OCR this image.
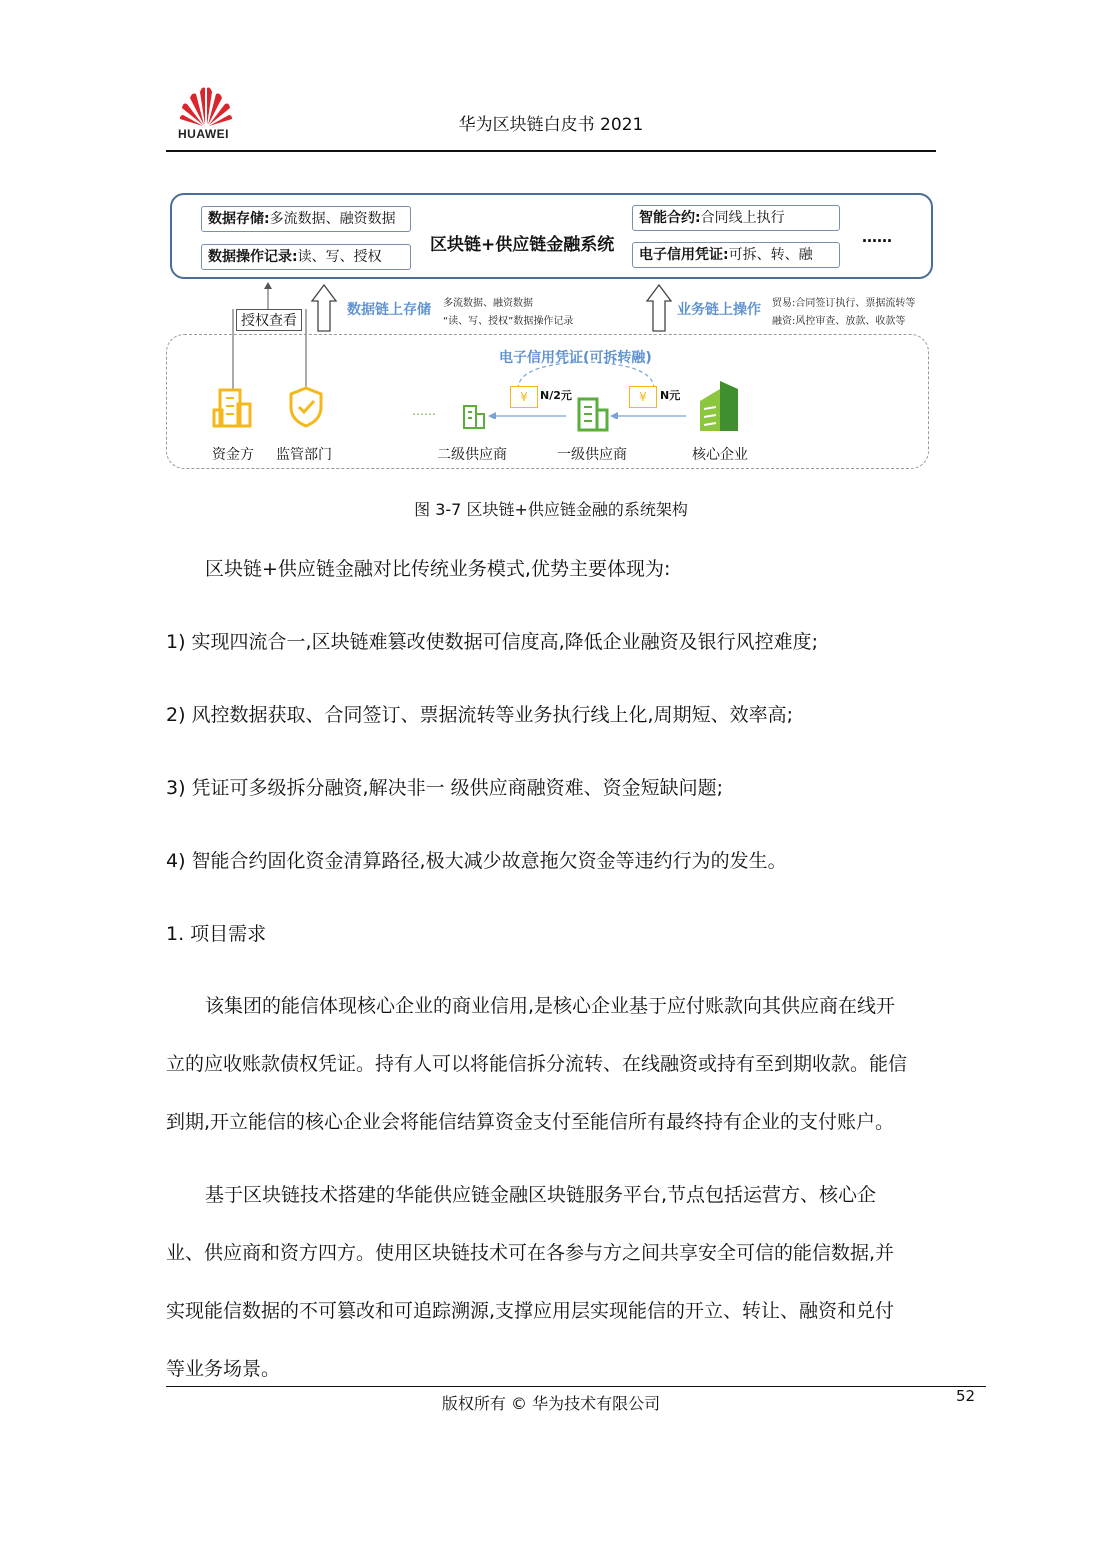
HUAWEI	华为区块链白皮书 2021
数据存储:多流数据、融资数据
数据操作记录:读、写、授权
区块链+供应链金融系统
智能合约:合同线上执行
电子信用凭证:可拆、转、融
……
授权查看
数据链上存储 多流数据、融资数据
“读、写、授权”数据操作记录
业务链上操作 贸易:合同签订执行、票据流转等
融资:风控审查、放款、收款等
电子信用凭证(可拆转融)
¥	N/2元	¥	N元
……
资金方 监管部门	二级供应商	一级供应商	核心企业
图 3-7 区块链+供应链金融的系统架构
区块链+供应链金融对比传统业务模式,优势主要体现为:
1) 实现四流合一,区块链难篡改使数据可信度高,降低企业融资及银行风控难度;
2) 风控数据获取、合同签订、票据流转等业务执行线上化,周期短、效率高;
3) 凭证可多级拆分融资,解决非一 级供应商融资难、资金短缺问题;
4) 智能合约固化资金清算路径,极大减少故意拖欠资金等违约行为的发生。
1. 项目需求
该集团的能信体现核心企业的商业信用,是核心企业基于应付账款向其供应商在线开
立的应收账款债权凭证。持有人可以将能信拆分流转、在线融资或持有至到期收款。能信
到期,开立能信的核心企业会将能信结算资金支付至能信所有最终持有企业的支付账户。
基于区块链技术搭建的华能供应链金融区块链服务平台,节点包括运营方、核心企
业、供应商和资方四方。使用区块链技术可在各参与方之间共享安全可信的能信数据,并
实现能信数据的不可篡改和可追踪溯源,支撑应用层实现能信的开立、转让、融资和兑付
等业务场景。
版权所有 © 华为技术有限公司	52
